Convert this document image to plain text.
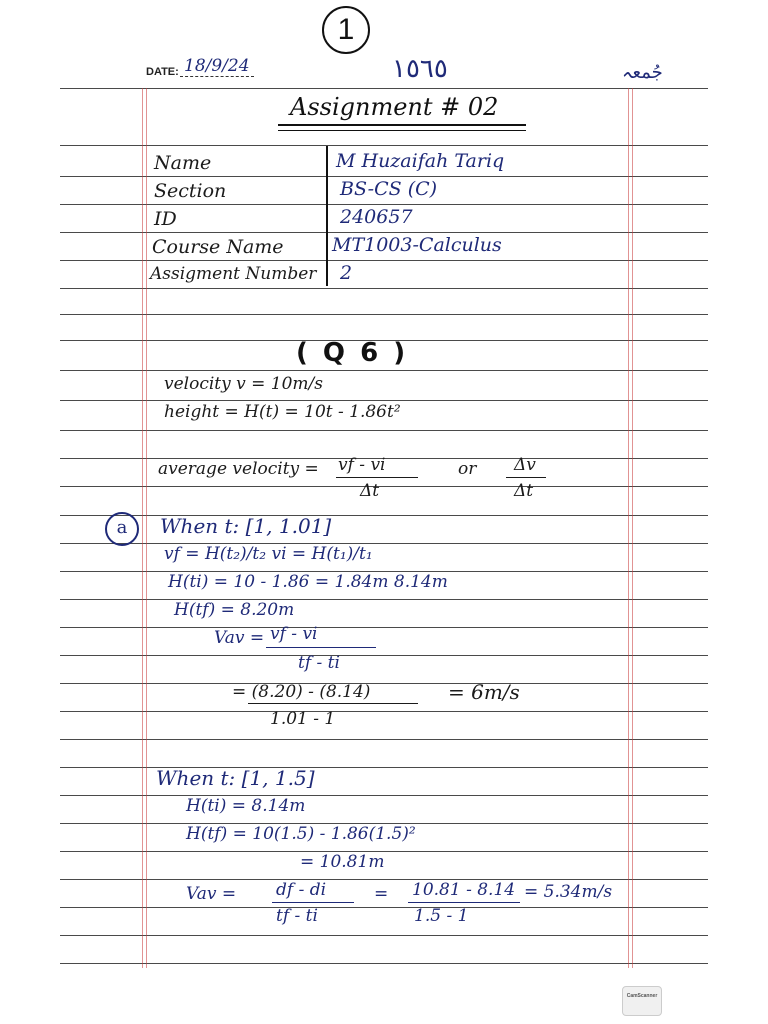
1
DATE: 18/9/24	١٥٦٥	جُمعہ
Assignment # 02
Name	M Huzaifah Tariq
Section	BS-CS (C)
ID	240657
Course Name	MT1003-Calculus
Assigment Number 2
( Q 6 )
velocity v = 10m/s
height = H(t) = 10t - 1.86t²
average velocity = vf - vi
Δt
or Δv
Δt
a	When t: [1, 1.01]
vf = H(t₂)/t₂ vi = H(t₁)/t₁
H(ti) = 10 - 1.86 = 1.84m 8.14m
H(tf) = 8.20m
Vav = vf - vi
tf - ti
= (8.20) - (8.14)
1.01 - 1
= 6m/s
When t: [1, 1.5]
H(ti) = 8.14m
H(tf) = 10(1.5) - 1.86(1.5)²
= 10.81m
Vav = df - di
tf - ti
= 10.81 - 8.14
1.5 - 1
= 5.34m/s
CamScanner
